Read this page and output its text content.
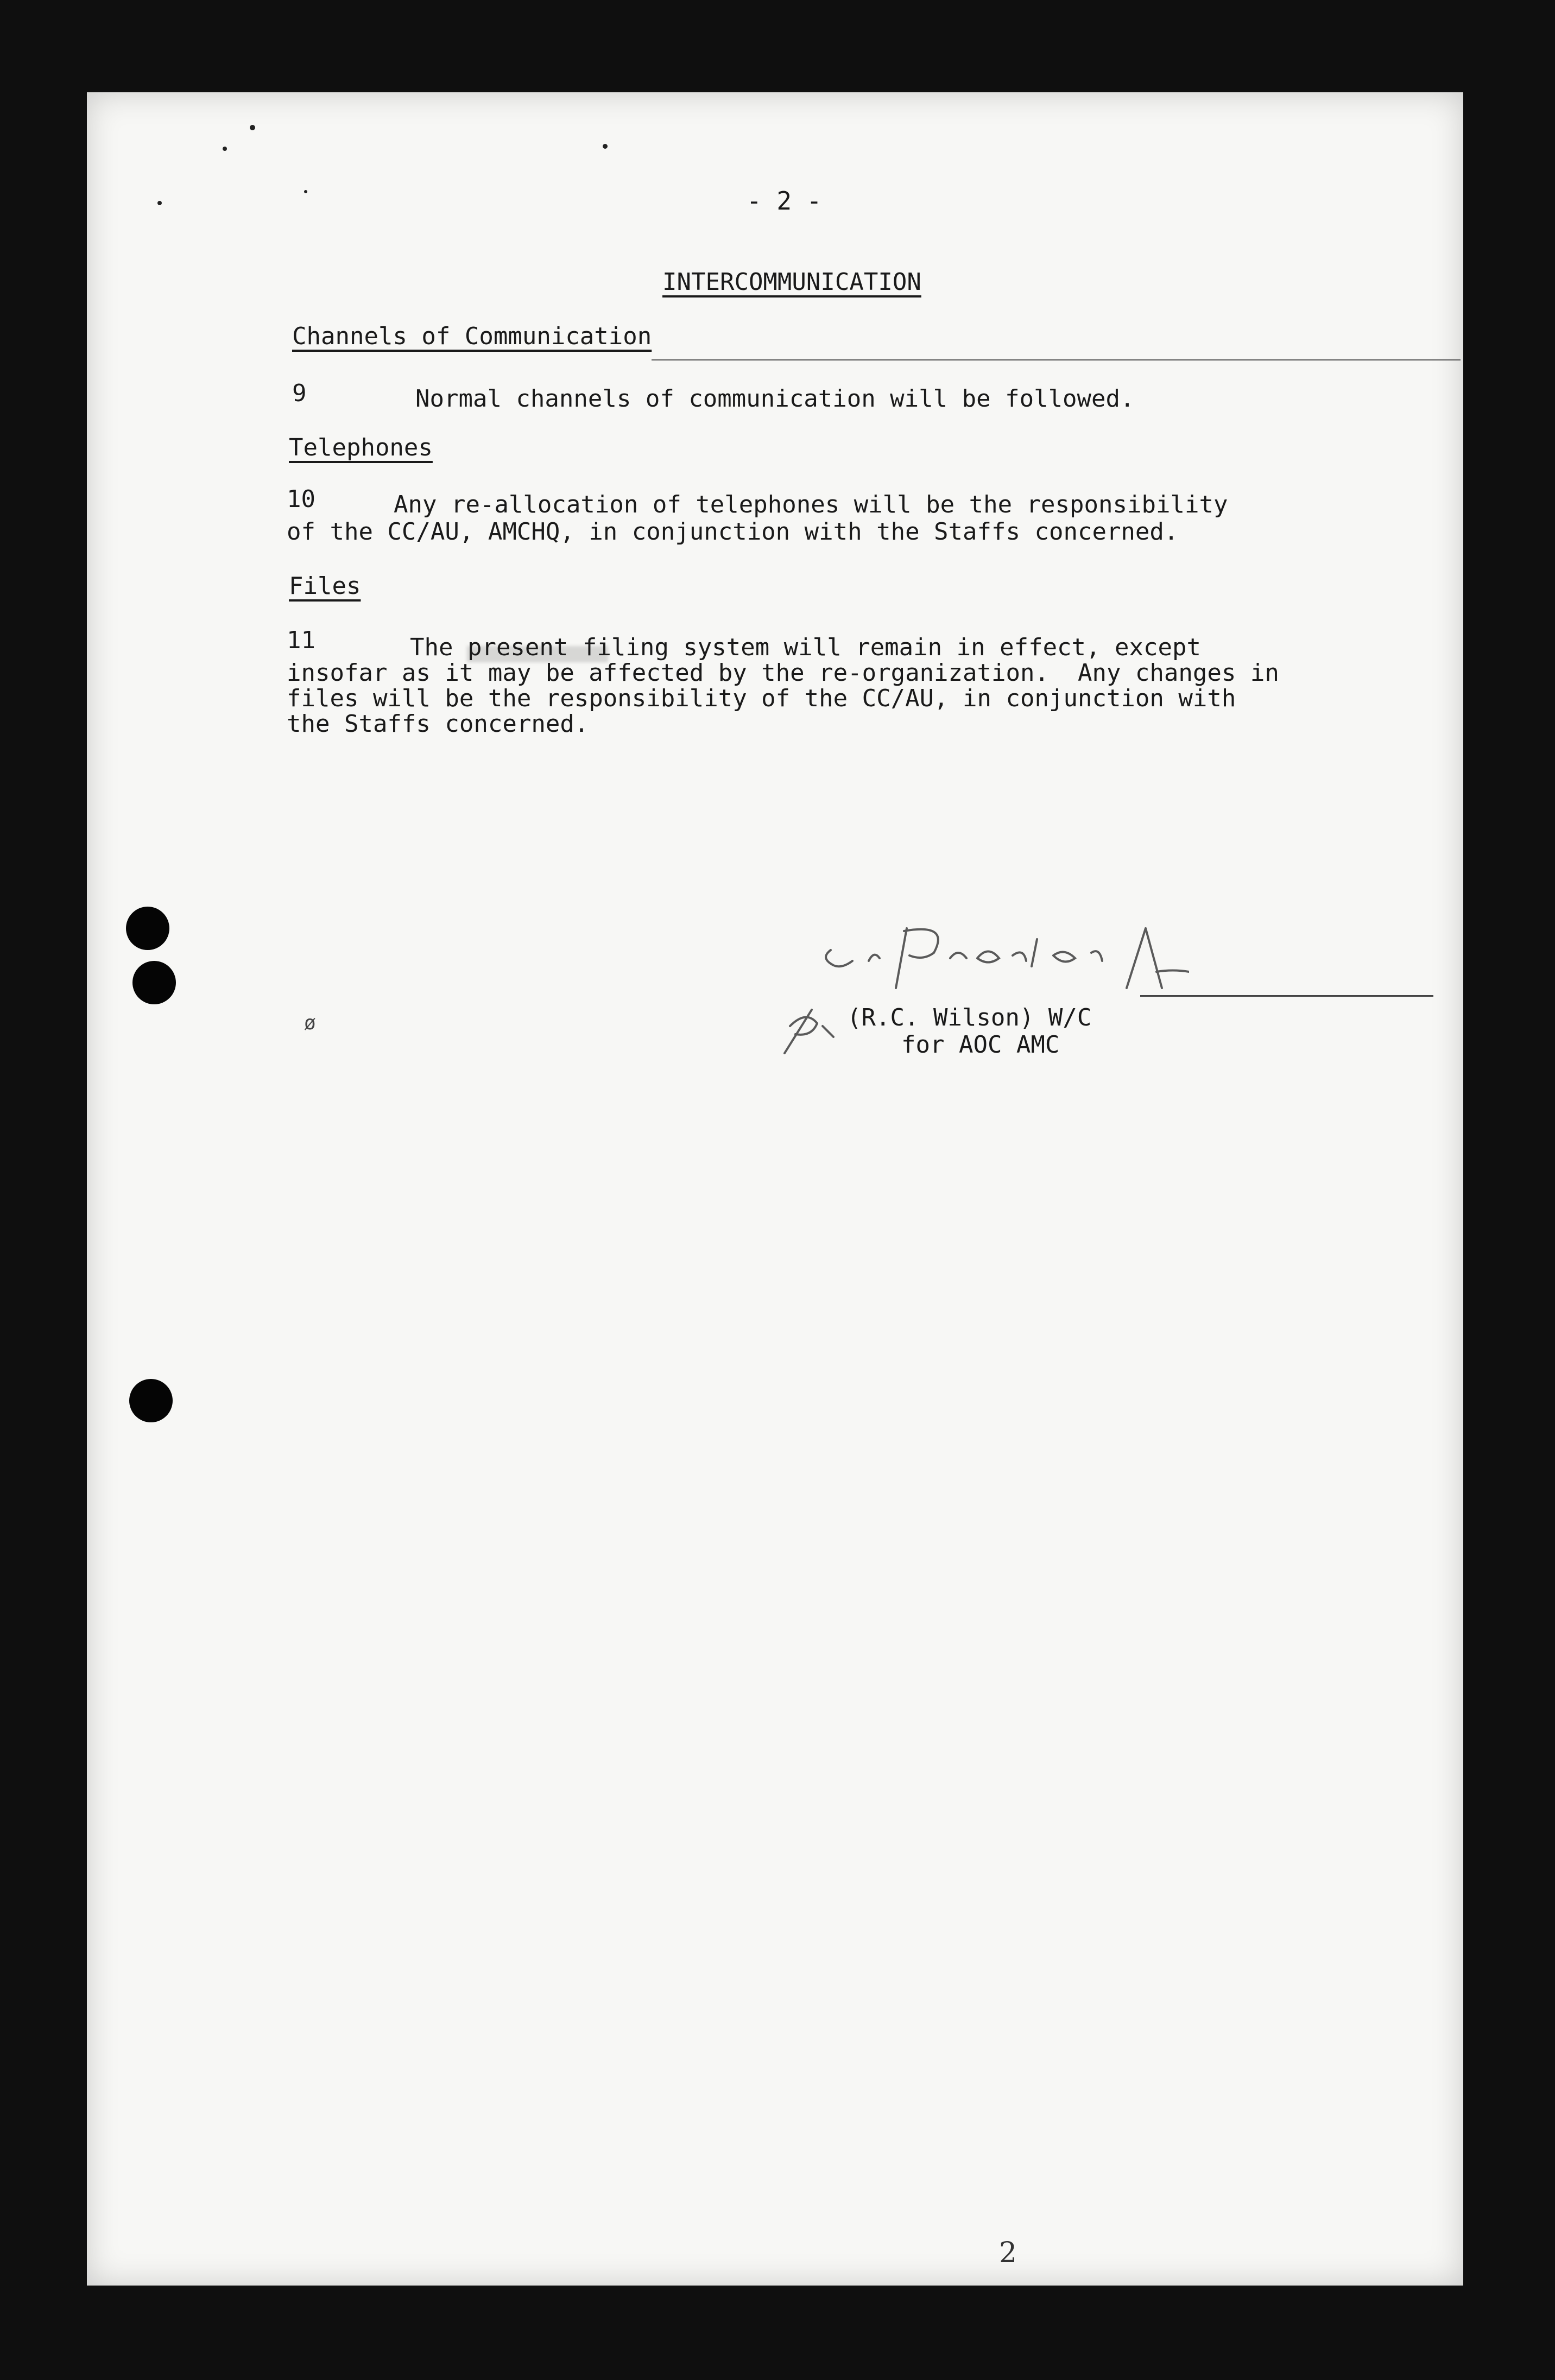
- 2 -
INTERCOMMUNICATION
Channels of Communication
9	Normal channels of communication will be followed.
Telephones
10	Any re-allocation of telephones will be the responsibility
of the CC/AU, AMCHQ, in conjunction with the Staffs concerned.
Files
11	The present filing system will remain in effect, except
insofar as it may be affected by the re-organization.  Any changes in
files will be the responsibility of the CC/AU, in conjunction with
the Staffs concerned.
(R.C. Wilson) W/C
for AOC AMC
ø
2
